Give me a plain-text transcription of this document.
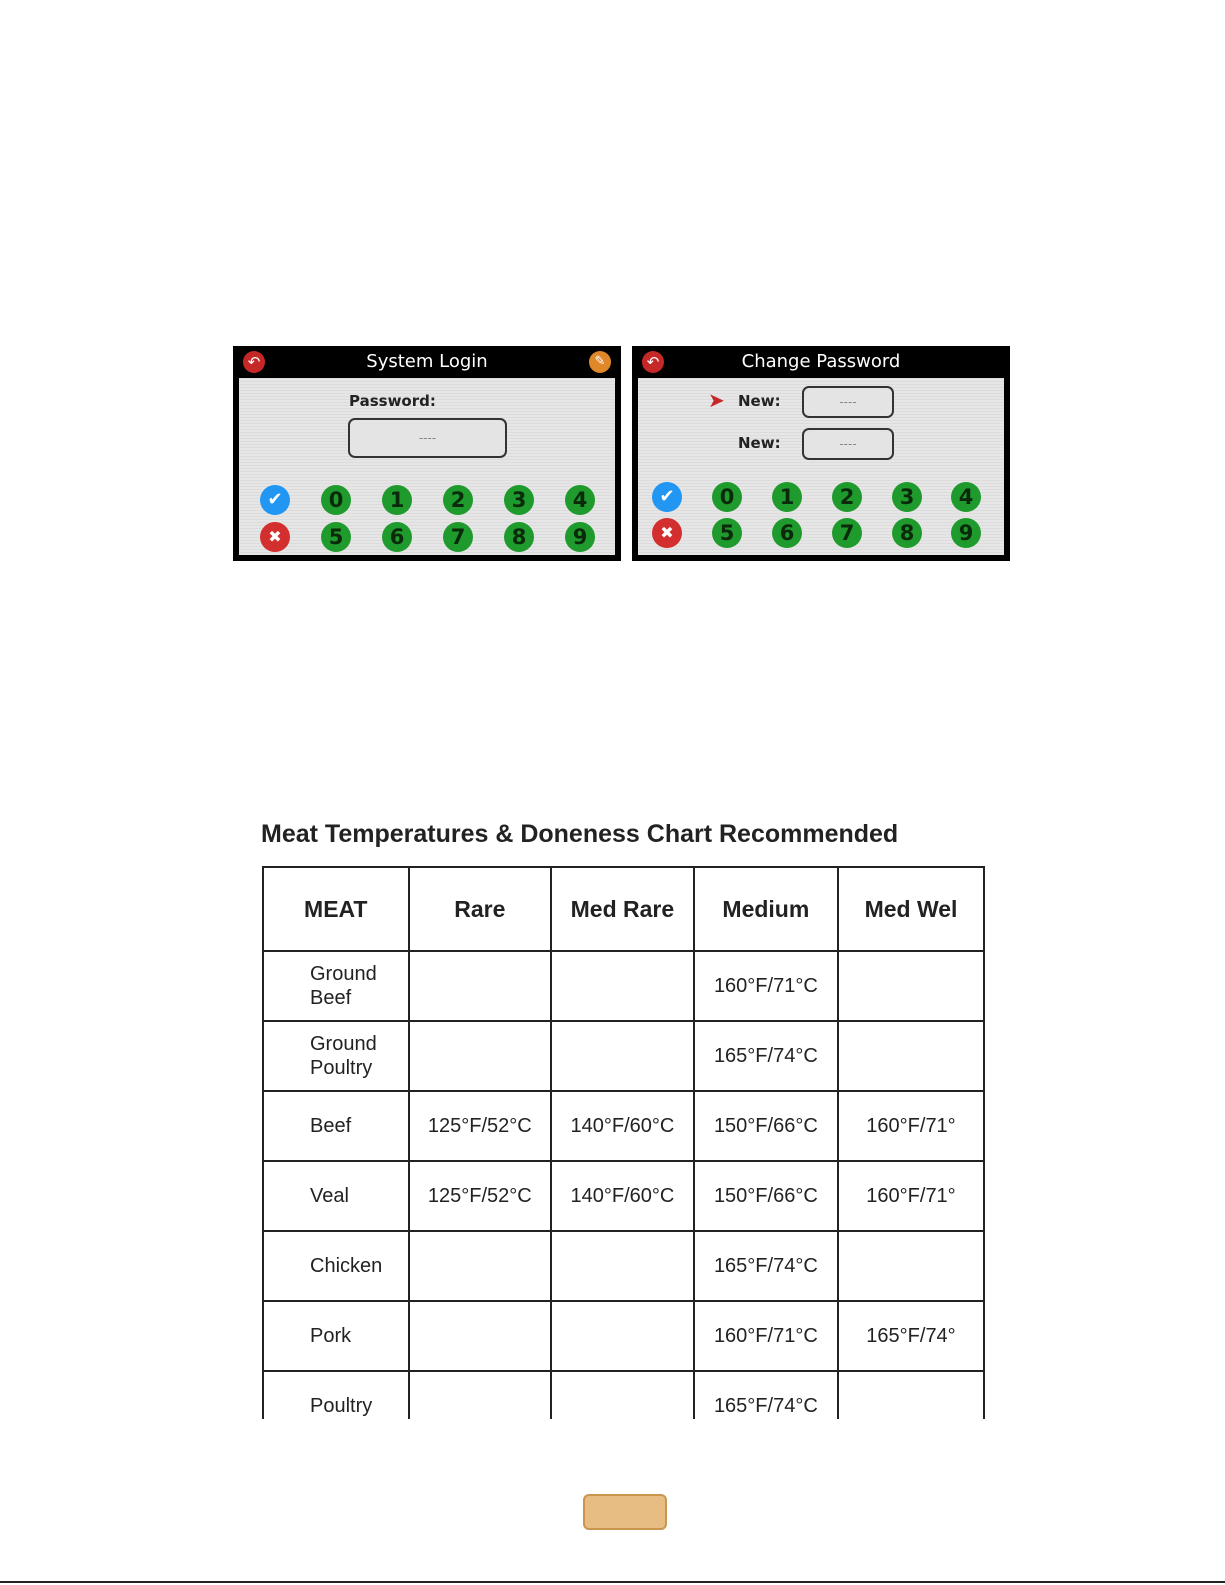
System Login
↶	✎
Password:
----
✔	0	1	2	3	4
✖	5	6	7	8	9
Change Password
↶
➤ New:	----
New:	----
✔	0	1	2	3	4
✖	5	6	7	8	9
Meat Temperatures & Doneness Chart Recommended
MEAT	Rare	Med Rare	Medium	Med Wel
Ground Beef			160°F/71°C	
Ground Poultry			165°F/74°C	
Beef	125°F/52°C	140°F/60°C	150°F/66°C	160°F/71°
Veal	125°F/52°C	140°F/60°C	150°F/66°C	160°F/71°
Chicken			165°F/74°C	
Pork			160°F/71°C	165°F/74°
Poultry			165°F/74°C	
